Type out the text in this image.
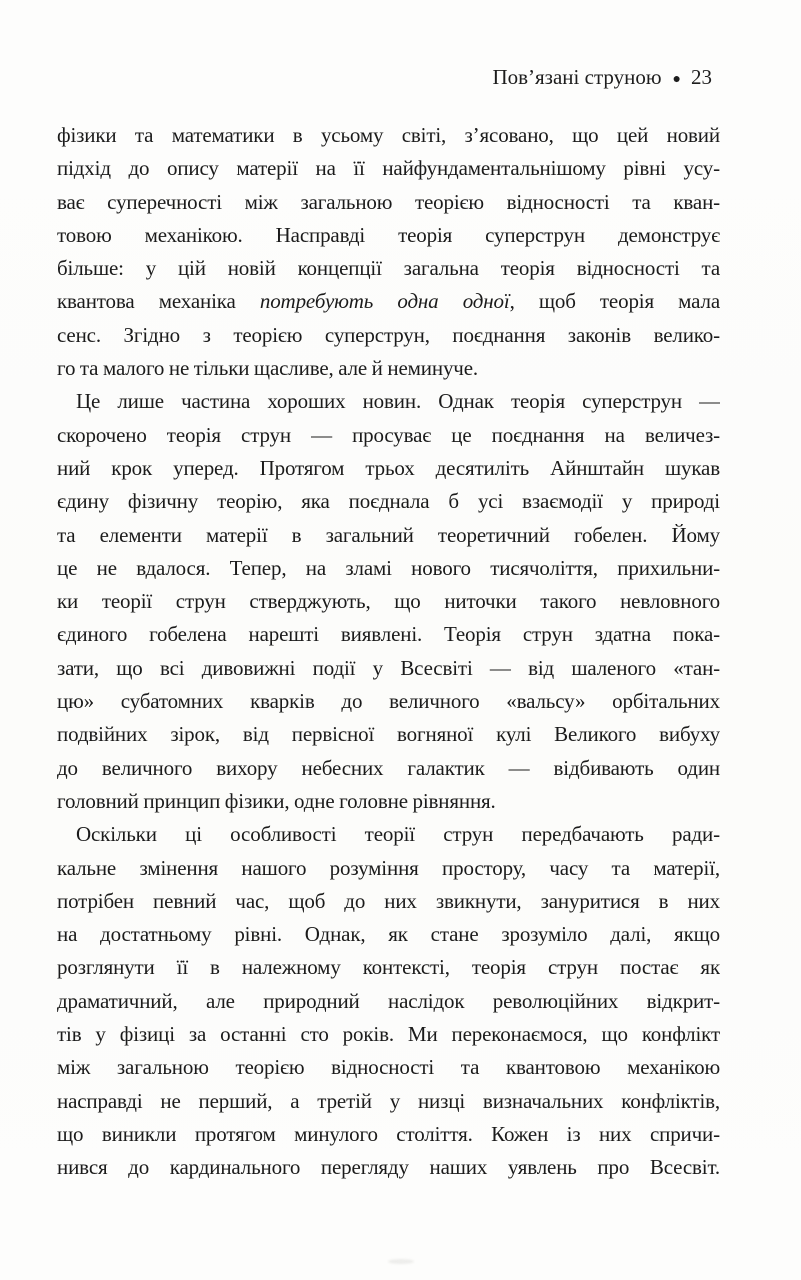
Пов’язані струною ● 23
фізики та математики в усьому світі, з’ясовано, що цей новий
підхід до опису матерії на її найфундаментальнішому рівні усу-
ває суперечності між загальною теорією відносності та кван-
товою механікою. Насправді теорія суперструн демонструє
більше: у цій новій концепції загальна теорія відносності та
квантова механіка потребують одна одної, щоб теорія мала
сенс. Згідно з теорією суперструн, поєднання законів велико-
го та малого не тільки щасливе, але й неминуче.
Це лише частина хороших новин. Однак теорія суперструн —
скорочено теорія струн — просуває це поєднання на величез-
ний крок уперед. Протягом трьох десятиліть Айнштайн шукав
єдину фізичну теорію, яка поєднала б усі взаємодії у природі
та елементи матерії в загальний теоретичний гобелен. Йому
це не вдалося. Тепер, на зламі нового тисячоліття, прихильни-
ки теорії струн стверджують, що ниточки такого невловного
єдиного гобелена нарешті виявлені. Теорія струн здатна пока-
зати, що всі дивовижні події у Всесвіті — від шаленого «тан-
цю» субатомних кварків до величного «вальсу» орбітальних
подвійних зірок, від первісної вогняної кулі Великого вибуху
до величного вихору небесних галактик — відбивають один
головний принцип фізики, одне головне рівняння.
Оскільки ці особливості теорії струн передбачають ради-
кальне змінення нашого розуміння простору, часу та матерії,
потрібен певний час, щоб до них звикнути, зануритися в них
на достатньому рівні. Однак, як стане зрозуміло далі, якщо
розглянути її в належному контексті, теорія струн постає як
драматичний, але природний наслідок революційних відкрит-
тів у фізиці за останні сто років. Ми переконаємося, що конфлікт
між загальною теорією відносності та квантовою механікою
насправді не перший, а третій у низці визначальних конфліктів,
що виникли протягом минулого століття. Кожен із них спричи-
нився до кардинального перегляду наших уявлень про Всесвіт.
